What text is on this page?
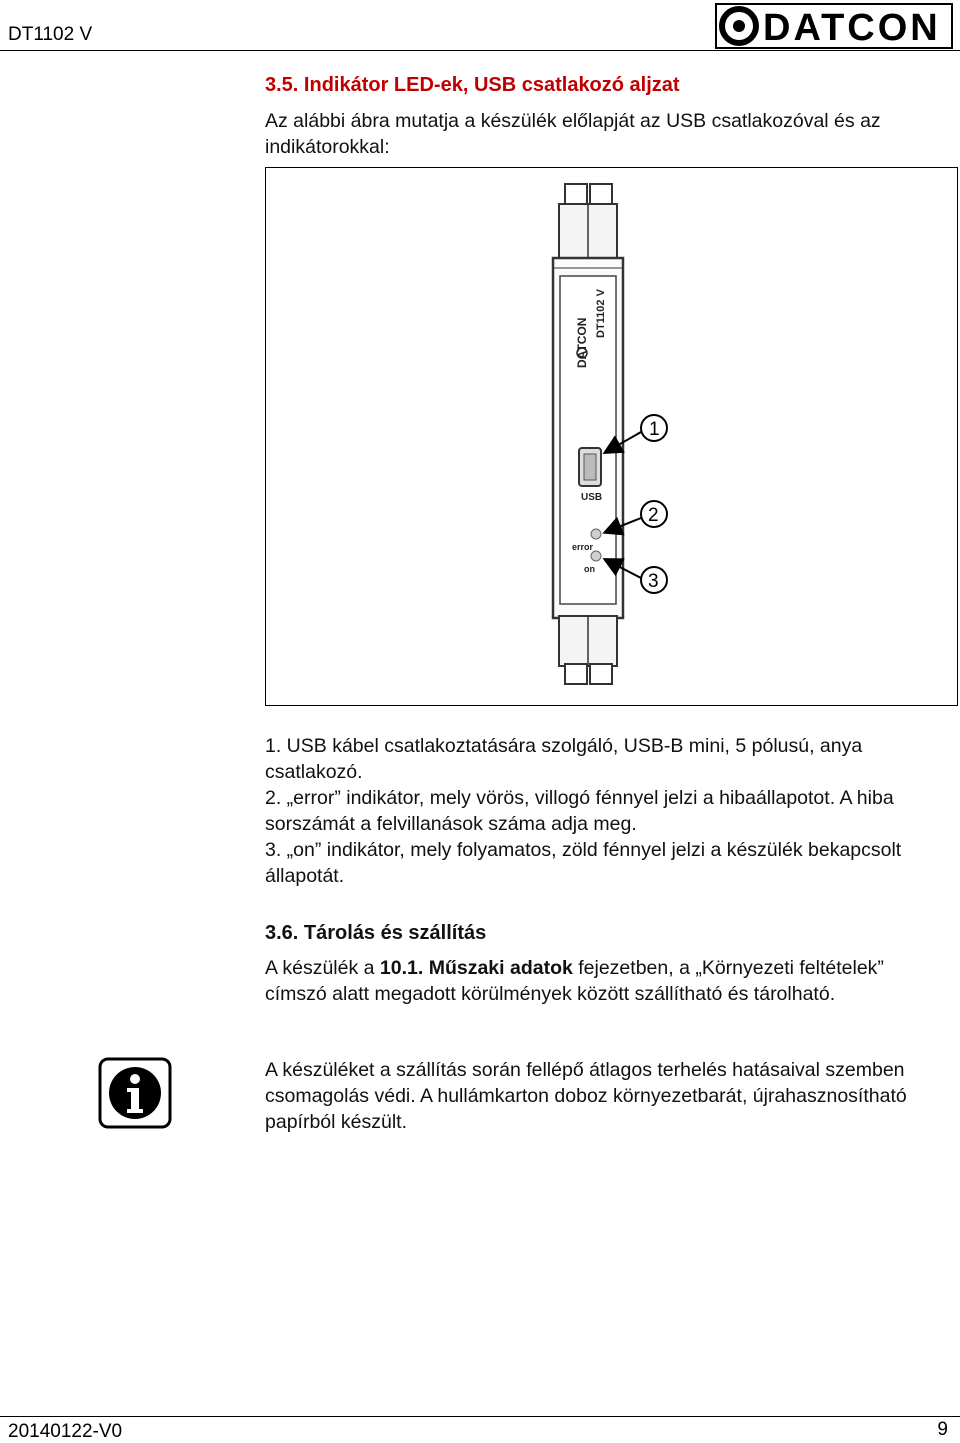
DT1102 V	DATCON
3.5. Indikátor LED-ek, USB csatlakozó aljzat
Az alábbi ábra mutatja a készülék előlapját az USB csatlakozóval és az indikátorokkal:
DATCON
DT1102 V
USB
error
on
1
2
3
1. USB kábel csatlakoztatására szolgáló, USB-B mini, 5 pólusú, anya csatlakozó.
2. „error” indikátor, mely vörös, villogó fénnyel jelzi a hibaállapotot. A hiba sorszámát a felvillanások száma adja meg.
3. „on” indikátor, mely folyamatos, zöld fénnyel jelzi a készülék bekapcsolt állapotát.
3.6. Tárolás és szállítás
A készülék a 10.1. Műszaki adatok fejezetben, a „Környezeti feltételek” címszó alatt megadott körülmények között szállítható és tárolható.
A készüléket a szállítás során fellépő átlagos terhelés hatásaival szemben csomagolás védi. A hullámkarton doboz környezetbarát, újrahasznosítható papírból készült.
20140122-V0	9
